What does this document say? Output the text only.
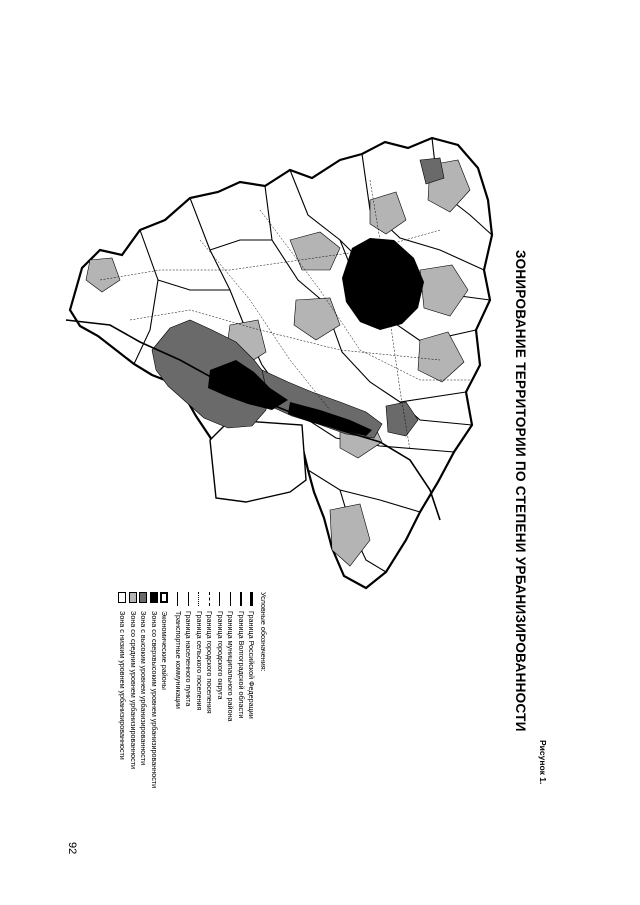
ЗОНИРОВАНИЕ ТЕРРИТОРИИ ПО СТЕПЕНИ УРБАНИЗИРОВАННОСТИ
Условные обозначения:
Граница Российской Федерации
Граница Волгоградской области
Граница муниципального района
Граница городского округа
Граница городского поселения
Граница сельского поселения
Граница населенного пункта
Транспортные коммуникации
Экономические районы
Зона со сверхвысоким уровнем урбанизированности
Зона с высоким уровнем урбанизированности
Зона со средним уровнем урбанизированности
Зона с низким уровнем урбанизированности
Рисунок 1.
92
